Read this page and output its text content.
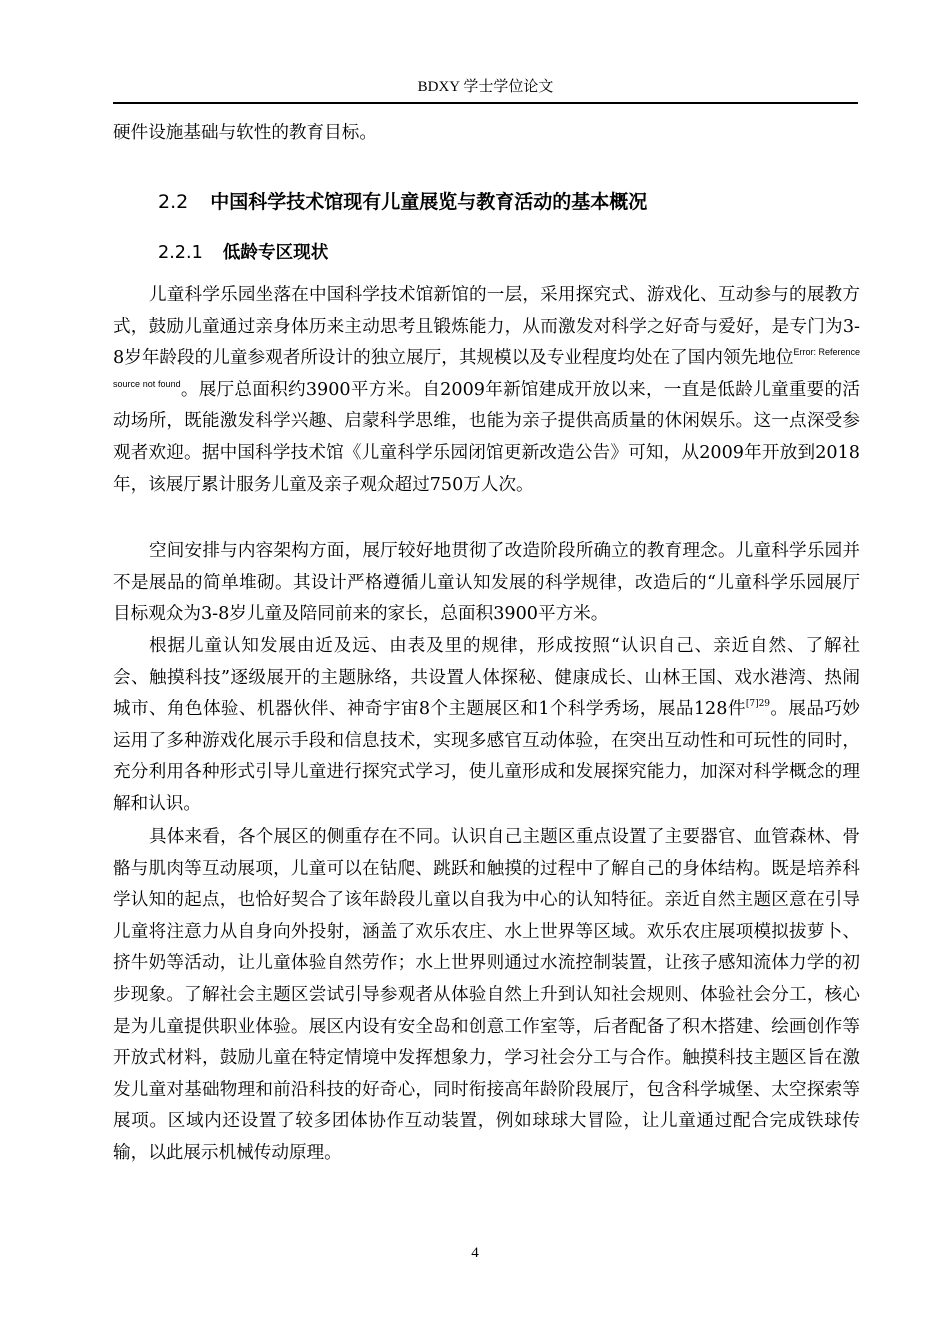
BDXY 学士学位论文

硬件设施基础与软性的教育目标。

2.2 中国科学技术馆现有儿童展览与教育活动的基本概况
2.2.1 低龄专区现状

儿童科学乐园坐落在中国科学技术馆新馆的一层，采用探究式、游戏化、互动参与的展教方式，鼓励儿童通过亲身体历来主动思考且锻炼能力，从而激发对科学之好奇与爱好，是专门为3-8岁年龄段的儿童参观者所设计的独立展厅，其规模以及专业程度均处在了国内领先地位$^{Error: Reference source not found}$。展厅总面积约3900平方米。自2009年新馆建成开放以来，一直是低龄儿童重要的活动场所，既能激发科学兴趣、启蒙科学思维，也能为亲子提供高质量的休闲娱乐。这一点深受参观者欢迎。据中国科学技术馆《儿童科学乐园闭馆更新改造公告》可知，从2009年开放到2018年，该展厅累计服务儿童及亲子观众超过750万人次。

空间安排与内容架构方面，展厅较好地贯彻了改造阶段所确立的教育理念。儿童科学乐园并不是展品的简单堆砌。其设计严格遵循儿童认知发展的科学规律，改造后的“儿童科学乐园展厅目标观众为3-8岁儿童及陪同前来的家长，总面积3900平方米。

根据儿童认知发展由近及远、由表及里的规律，形成按照“认识自己、亲近自然、了解社会、触摸科技”逐级展开的主题脉络，共设置人体探秘、健康成长、山林王国、戏水港湾、热闹城市、角色体验、机器伙伴、神奇宇宙8个主题展区和1个科学秀场，展品128件$^{[7]29}$。展品巧妙运用了多种游戏化展示手段和信息技术，实现多感官互动体验，在突出互动性和可玩性的同时，充分利用各种形式引导儿童进行探究式学习，使儿童形成和发展探究能力，加深对科学概念的理解和认识。

具体来看，各个展区的侧重存在不同。认识自己主题区重点设置了主要器官、血管森林、骨骼与肌肉等互动展项，儿童可以在钻爬、跳跃和触摸的过程中了解自己的身体结构。既是培养科学认知的起点，也恰好契合了该年龄段儿童以自我为中心的认知特征。亲近自然主题区意在引导儿童将注意力从自身向外投射，涵盖了欢乐农庄、水上世界等区域。欢乐农庄展项模拟拔萝卜、挤牛奶等活动，让儿童体验自然劳作；水上世界则通过水流控制装置，让孩子感知流体力学的初步现象。了解社会主题区尝试引导参观者从体验自然上升到认知社会规则、体验社会分工，核心是为儿童提供职业体验。展区内设有安全岛和创意工作室等，后者配备了积木搭建、绘画创作等开放式材料，鼓励儿童在特定情境中发挥想象力，学习社会分工与合作。触摸科技主题区旨在激发儿童对基础物理和前沿科技的好奇心，同时衔接高年龄阶段展厅，包含科学城堡、太空探索等展项。区域内还设置了较多团体协作互动装置，例如球球大冒险，让儿童通过配合完成铁球传输，以此展示机械传动原理。

4
